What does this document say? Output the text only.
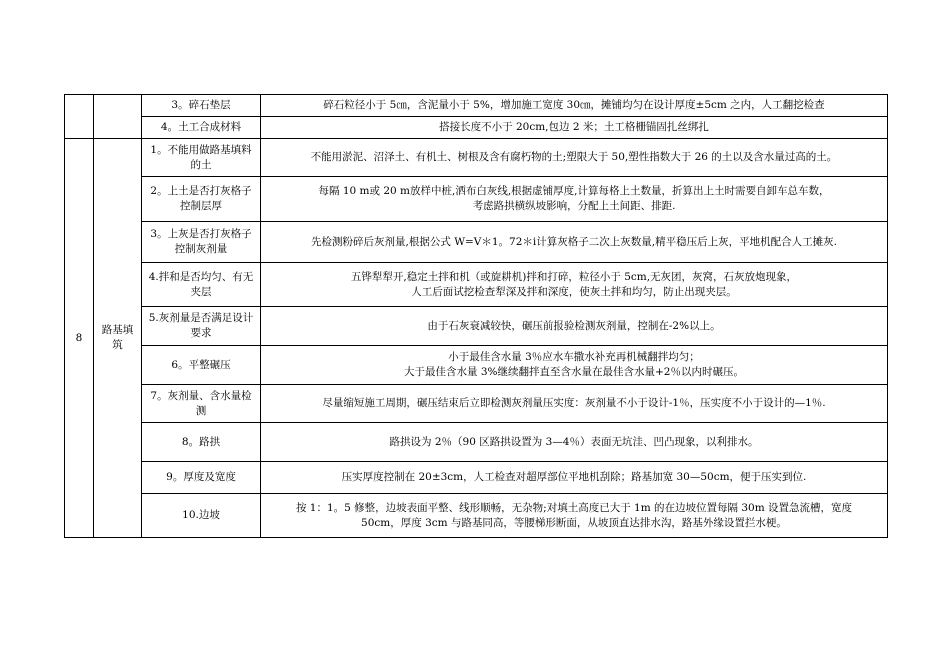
		3。碎石垫层	碎石粒径小于 5㎝，含泥量小于 5%，增加施工宽度 30㎝，摊铺均匀在设计厚度±5cm 之内，人工翻挖检查

		4。土工合成材料	搭接长度不小于 20cm,包边 2 米；土工格栅锚固扎丝绑扎

8	路基填筑	1。不能用做路基填料的土	不能用淤泥、沼泽土、有机土、树根及含有腐朽物的土;塑限大于 50,塑性指数大于 26 的土以及含水量过高的土。

		2。上土是否打灰格子控制层厚	每隔 10 m或 20 m放样中桩,洒布白灰线,根据虚铺厚度,计算每格上土数量，折算出上土时需要自卸车总车数，
考虑路拱横纵坡影响，分配上土间距、排距.

		3。上灰是否打灰格子控制灰剂量	先检测粉碎后灰剂量,根据公式 W=V＊1。72＊ⅰ计算灰格子二次上灰数量,精平稳压后上灰，平地机配合人工摊灰.

		4.拌和是否均匀、有无夹层	五铧犁犁开,稳定土拌和机（或旋耕机)拌和打碎，粒径小于 5cm,无灰团，灰窝，石灰放炮现象，
人工后面试挖检查犁深及拌和深度，使灰土拌和均匀，防止出现夹层。

		5.灰剂量是否满足设计要求	由于石灰衰减较快，碾压前报验检测灰剂量，控制在-2%以上。

		6。平整碾压	小于最佳含水量 3％应水车撒水补充再机械翻拌均匀；
大于最佳含水量 3%继续翻拌直至含水量在最佳含水量+2％以内时碾压。

		7。灰剂量、含水量检测	尽量缩短施工周期，碾压结束后立即检测灰剂量压实度：灰剂量不小于设计-1％，压实度不小于设计的—1％.

		8。路拱	路拱设为 2％（90 区路拱设置为 3—4％）表面无坑洼、凹凸现象，以利排水。

		9。厚度及宽度	压实厚度控制在 20±3cm，人工检查对超厚部位平地机刮除；路基加宽 30—50cm，便于压实到位.

		10.边坡	按 1：1。5 修整，边坡表面平整、线形顺畅，无杂物;对填土高度已大于 1m 的在边坡位置每隔 30m 设置急流槽，宽度
50cm，厚度 3cm 与路基同高，等腰梯形断面，从坡顶直达排水沟，路基外缘设置拦水梗。
